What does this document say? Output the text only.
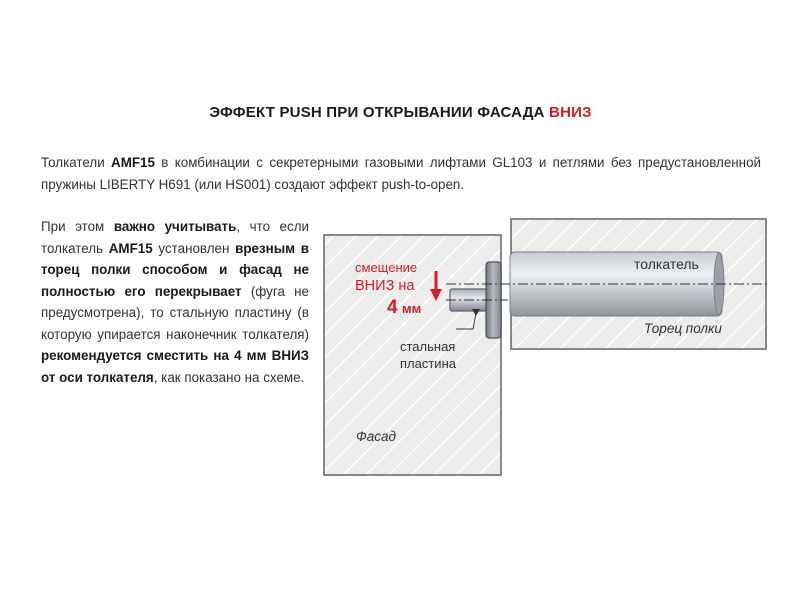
ЭФФЕКТ PUSH ПРИ ОТКРЫВАНИИ ФАСАДА ВНИЗ
Толкатели AMF15 в комбинации с секретерными газовыми лифтами GL103 и петлями без предустановленной пружины LIBERTY H691 (или HS001) создают эффект push-to-open.
При этом важно учитывать, что если толкатель AMF15 установлен врезным в торец полки способом и фасад не полностью его перекрывает (фуга не предусмотрена), то стальную пластину (в которую упирается наконечник толкателя) рекомендуется сместить на 4 мм ВНИЗ от оси толкателя, как показано на схеме.
смещение
ВНИЗ на
4 мм
толкатель
Торец полки
Фасад
стальная
пластина
